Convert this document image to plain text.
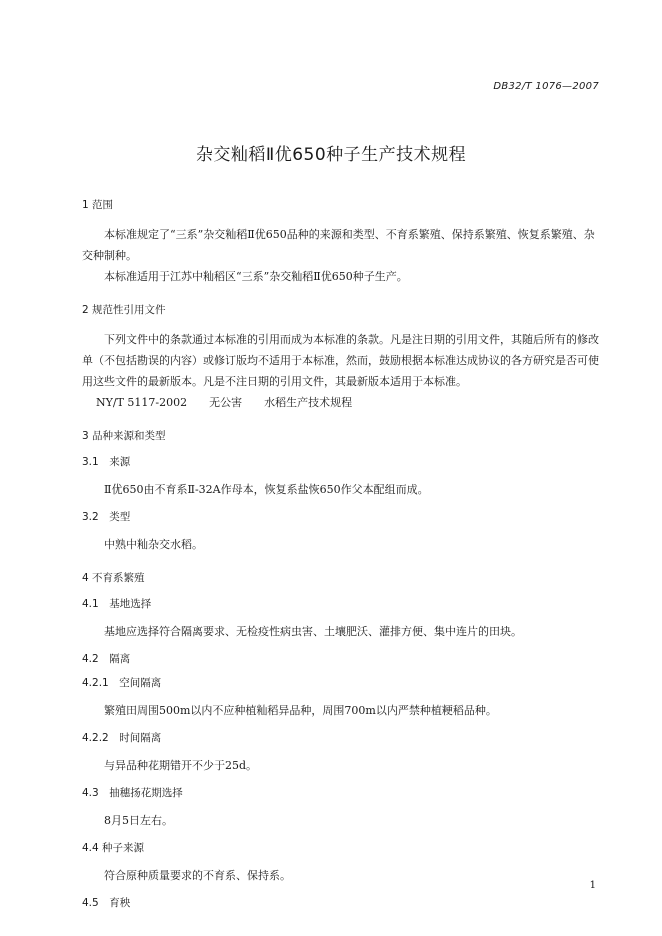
DB32/T 1076—2007
杂交籼稻Ⅱ优650种子生产技术规程
1 范围
本标准规定了“三系”杂交籼稻Ⅱ优650品种的来源和类型、不育系繁殖、保持系繁殖、恢复系繁殖、杂交种制种。
本标准适用于江苏中籼稻区“三系”杂交籼稻Ⅱ优650种子生产。
2 规范性引用文件
下列文件中的条款通过本标准的引用而成为本标准的条款。凡是注日期的引用文件，其随后所有的修改单（不包括勘误的内容）或修订版均不适用于本标准，然而，鼓励根据本标准达成协议的各方研究是否可使用这些文件的最新版本。凡是不注日期的引用文件，其最新版本适用于本标准。
NY/T 5117-2002　　无公害　　水稻生产技术规程
3 品种来源和类型
3.1　来源
Ⅱ优650由不育系Ⅱ-32A作母本，恢复系盐恢650作父本配组而成。
3.2　类型
中熟中籼杂交水稻。
4 不育系繁殖
4.1　基地选择
基地应选择符合隔离要求、无检疫性病虫害、土壤肥沃、灌排方便、集中连片的田块。
4.2　隔离
4.2.1　空间隔离
繁殖田周围500m以内不应种植籼稻异品种，周围700m以内严禁种植粳稻品种。
4.2.2　时间隔离
与异品种花期错开不少于25d。
4.3　抽穗扬花期选择
8月5日左右。
4.4 种子来源
符合原种质量要求的不育系、保持系。
4.5　育秧
1
